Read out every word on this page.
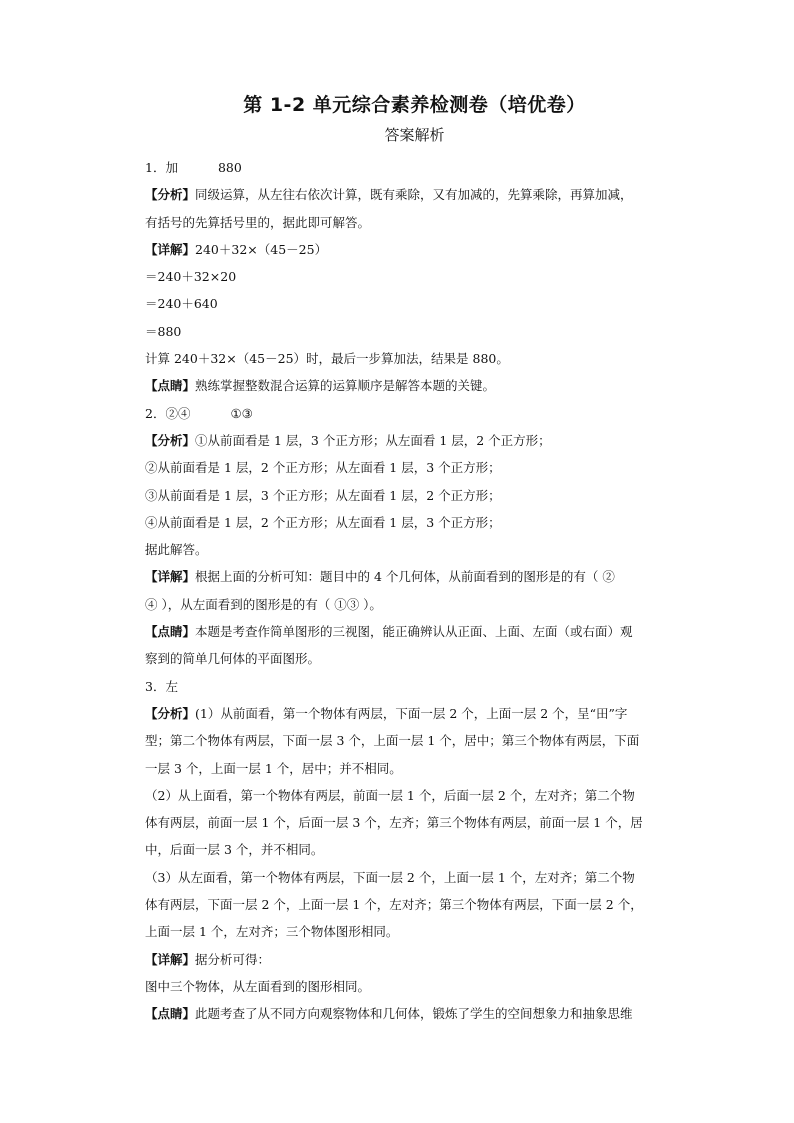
第 1-2 单元综合素养检测卷（培优卷）
答案解析

1．加	880

【分析】同级运算，从左往右依次计算，既有乘除，又有加减的，先算乘除，再算加减，

有括号的先算括号里的，据此即可解答。

【详解】240＋32×（45－25）

＝240＋32×20

＝240＋640

＝880

计算 240＋32×（45－25）时，最后一步算加法，结果是 880。

【点睛】熟练掌握整数混合运算的运算顺序是解答本题的关键。

2．②④	①③

【分析】①从前面看是 1 层，3 个正方形；从左面看 1 层，2 个正方形；

②从前面看是 1 层，2 个正方形；从左面看 1 层，3 个正方形；

③从前面看是 1 层，3 个正方形；从左面看 1 层，2 个正方形；

④从前面看是 1 层，2 个正方形；从左面看 1 层，3 个正方形；

据此解答。

【详解】根据上面的分析可知：题目中的 4 个几何体，从前面看到的图形是的有（ ②

④ ），从左面看到的图形是的有（ ①③ ）。

【点睛】本题是考查作简单图形的三视图，能正确辨认从正面、上面、左面（或右面）观

察到的简单几何体的平面图形。

3．左

【分析】(1）从前面看，第一个物体有两层，下面一层 2 个，上面一层 2 个，呈“田”字

型；第二个物体有两层，下面一层 3 个，上面一层 1 个，居中；第三个物体有两层，下面

一层 3 个，上面一层 1 个，居中；并不相同。

（2）从上面看，第一个物体有两层，前面一层 1 个，后面一层 2 个，左对齐；第二个物

体有两层，前面一层 1 个，后面一层 3 个，左齐；第三个物体有两层，前面一层 1 个，居

中，后面一层 3 个，并不相同。

（3）从左面看，第一个物体有两层，下面一层 2 个，上面一层 1 个，左对齐；第二个物

体有两层，下面一层 2 个，上面一层 1 个，左对齐；第三个物体有两层，下面一层 2 个，

上面一层 1 个，左对齐；三个物体图形相同。

【详解】据分析可得：

图中三个物体，从左面看到的图形相同。

【点睛】此题考查了从不同方向观察物体和几何体，锻炼了学生的空间想象力和抽象思维
